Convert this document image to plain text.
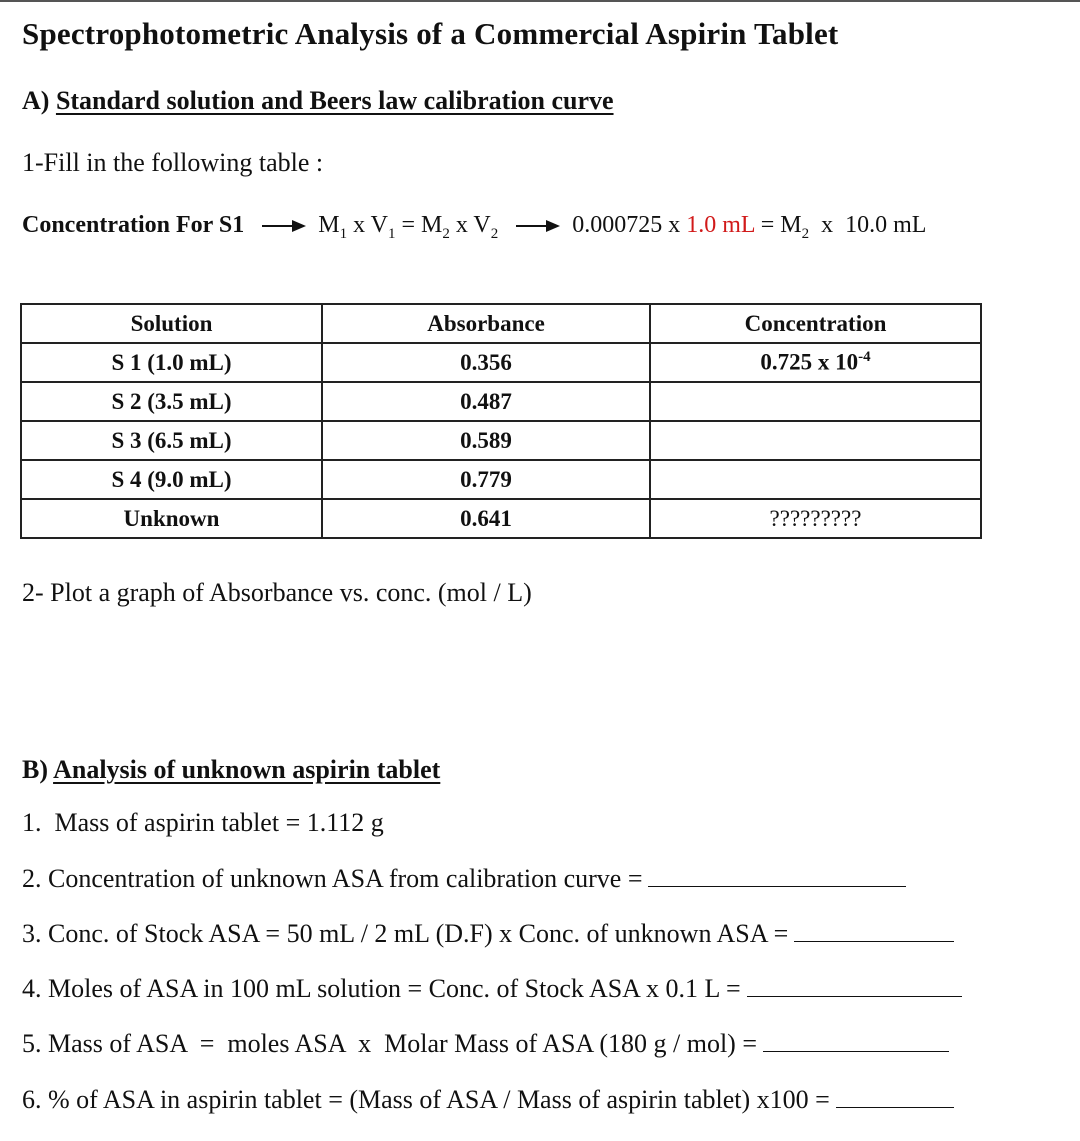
Spectrophotometric Analysis of a Commercial Aspirin Tablet
A) Standard solution and Beers law calibration curve
1-Fill in the following table :
Concentration For S1	$M_1$ x $V_1 = M_2$ x $V_2$	0.000725 x 1.0 mL = $M_2$  x  10.0 mL
Solution	Absorbance	Concentration
S 1 (1.0 mL)	0.356	0.725 x $10^{-4}$
S 2 (3.5 mL)	0.487	
S 3 (6.5 mL)	0.589	
S 4 (9.0 mL)	0.779	
Unknown	0.641	?????????
2- Plot a graph of Absorbance vs. conc. (mol / L)
B) Analysis of unknown aspirin tablet
1.  Mass of aspirin tablet = 1.112 g
2. Concentration of unknown ASA from calibration curve =
3. Conc. of Stock ASA = 50 mL / 2 mL (D.F) x Conc. of unknown ASA =
4. Moles of ASA in 100 mL solution = Conc. of Stock ASA x 0.1 L =
5. Mass of ASA  =  moles ASA  x  Molar Mass of ASA (180 g / mol) =
6. % of ASA in aspirin tablet = (Mass of ASA / Mass of aspirin tablet) x100 =
